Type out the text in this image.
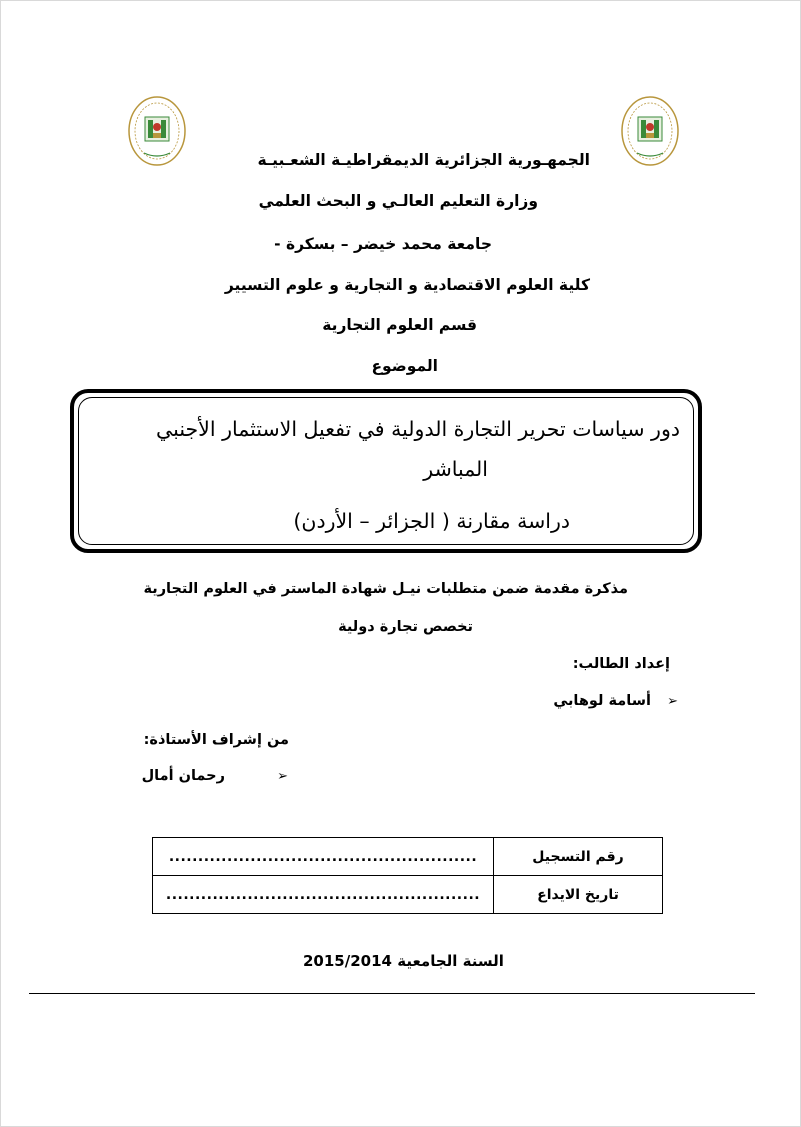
الجمهـورية الجزائرية الديمقراطيـة الشعـبيـة
وزارة التعليم العالـي و البحث العلمي
جامعة محمد خيضر – بسكرة -
كلية العلوم الاقتصادية و التجارية و علوم التسيير
قسم العلوم التجارية
الموضوع
دور سياسات تحرير التجارة الدولية في تفعيل الاستثمار الأجنبي
المباشر
دراسة مقارنة ( الجزائر – الأردن)
مذكرة مقدمة ضمن متطلبات نيـل شهادة الماستر في العلوم التجارية
تخصص تجارة دولية
إعداد الطالب:
➢  أسامة لوهابي
من إشراف الأستاذة:
➢  رحمان أمال
رقم التسجيل	.....................................................
تاريخ الايداع	......................................................
السنة الجامعية 2015/2014
